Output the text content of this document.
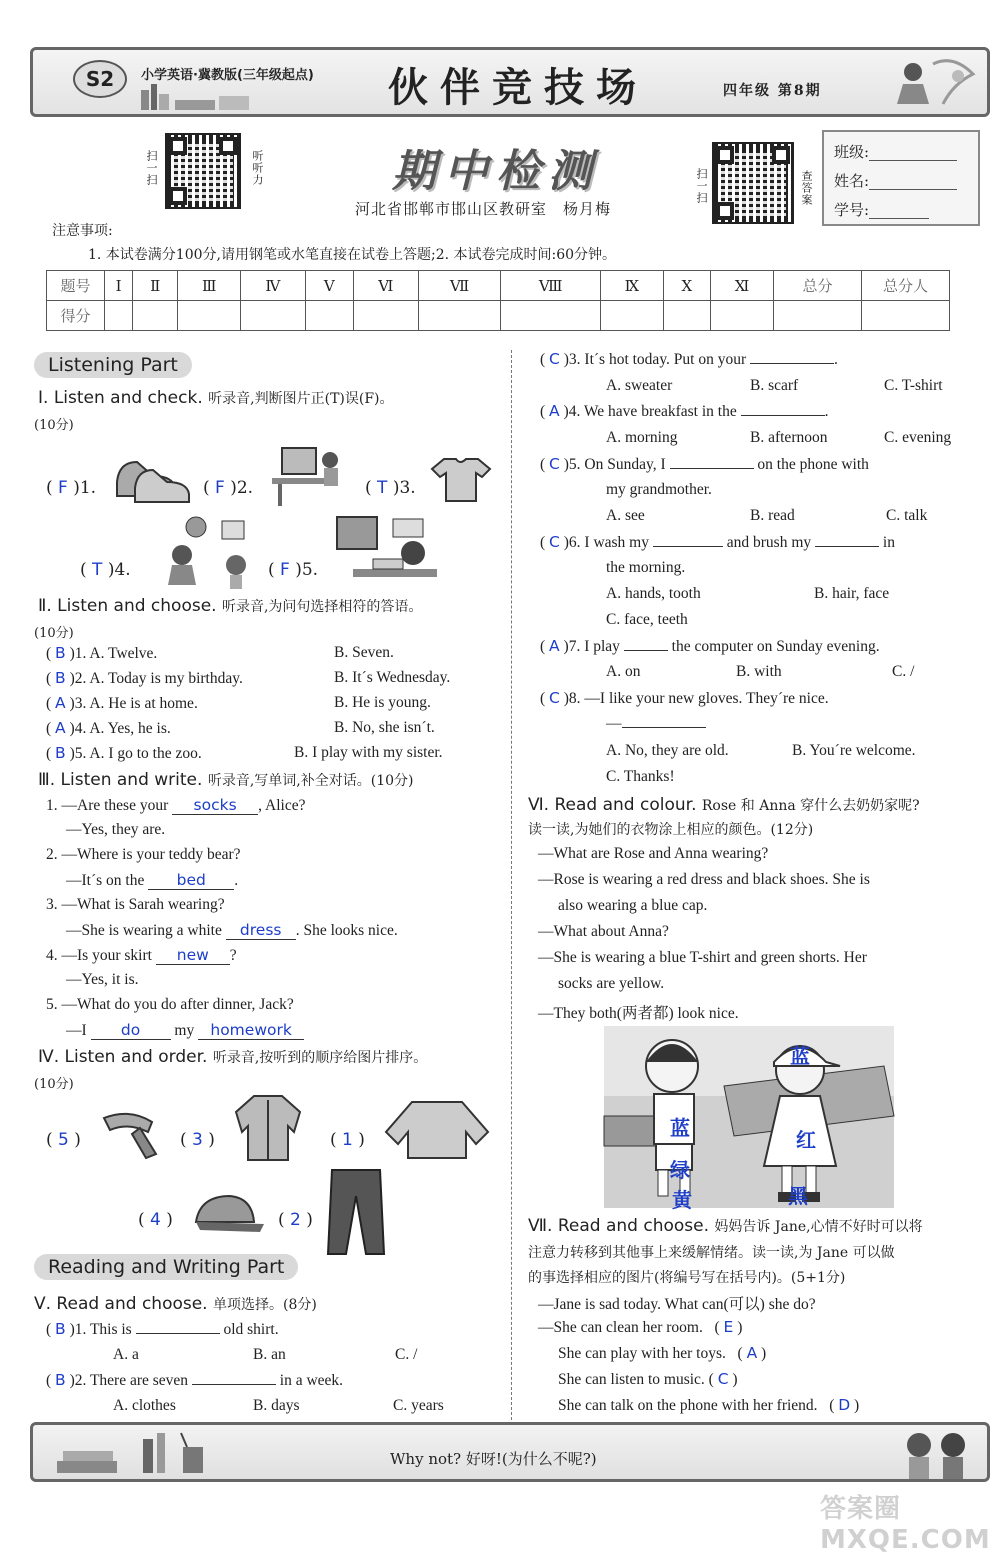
S2	小学英语·冀教版(三年级起点) 伙伴竞技场	四年级 第8期
扫一扫	听听力	期中检测
河北省邯郸市邯山区教研室　杨月梅
扫一扫	查答案
班级:
姓名:
学号:
注意事项:
1. 本试卷满分100分,请用钢笔或水笔直接在试卷上答题;2. 本试卷完成时间:60分钟。
题号	Ⅰ	Ⅱ	Ⅲ	Ⅳ	Ⅴ	Ⅵ	Ⅶ	Ⅷ	Ⅸ	Ⅹ	Ⅺ	总分	总分人
得分													
Listening Part
Ⅰ. Listen and check. 听录音,判断图片正(T)误(F)。
(10分)
( F )1.	( F )2.	( T )3.
( T )4.	( F )5.
Ⅱ. Listen and choose. 听录音,为问句选择相符的答语。
(10分)
( B )1. A. Twelve.	B. Seven.
( B )2. A. Today is my birthday.	B. It´s Wednesday.
( A )3. A. He is at home.	B. He is young.
( A )4. A. Yes, he is.	B. No, she isn´t.
( B )5. A. I go to the zoo.	B. I play with my sister.
Ⅲ. Listen and write. 听录音,写单词,补全对话。(10分)
1. —Are these your socks , Alice?
—Yes, they are.
2. —Where is your teddy bear?
—It´s on the bed .
3. —What is Sarah wearing?
—She is wearing a white dress . She looks nice.
4. —Is your skirt new ?
—Yes, it is.
5. —What do you do after dinner, Jack?
—I do my homework
Ⅳ. Listen and order. 听录音,按听到的顺序给图片排序。
(10分)
( 5 )	( 3 )	( 1 )
( 4 )	( 2 )
Reading and Writing Part
Ⅴ. Read and choose. 单项选择。(8分)
( B )1. This is	old shirt.
A. a	B. an	C. /
( B )2. There are seven	in a week.
A. clothes	B. days	C. years
( C )3. It´s hot today. Put on your	.
A. sweater	B. scarf	C. T-shirt
( A )4. We have breakfast in the	.
A. morning	B. afternoon	C. evening
( C )5. On Sunday, I	on the phone with
my grandmother.
A. see	B. read	C. talk
( C )6. I wash my	and brush my	in
the morning.
A. hands, tooth	B. hair, face
C. face, teeth
( A )7. I play	the computer on Sunday evening.
A. on	B. with	C. /
( C )8. —I like your new gloves. They´re nice.
—
A. No, they are old.	B. You´re welcome.
C. Thanks!
Ⅵ. Read and colour. Rose 和 Anna 穿什么去奶奶家呢?
读一读,为她们的衣物涂上相应的颜色。(12分)
—What are Rose and Anna wearing?
—Rose is wearing a red dress and black shoes. She is
also wearing a blue cap.
—What about Anna?
—She is wearing a blue T-shirt and green shorts. Her
socks are yellow.
—They both(两者都) look nice.
蓝
蓝	红
绿
黑
黄
Ⅶ. Read and choose. 妈妈告诉 Jane,心情不好时可以将
注意力转移到其他事上来缓解情绪。读一读,为 Jane 可以做
的事选择相应的图片(将编号写在括号内)。(5+1分)
—Jane is sad today. What can(可以) she do?
—She can clean her room.   ( E )
She can play with her toys.   ( A )
She can listen to music. ( C )
She can talk on the phone with her friend.   ( D )
Why not? 好呀!(为什么不呢?)
答案圈 MXQE.COM
